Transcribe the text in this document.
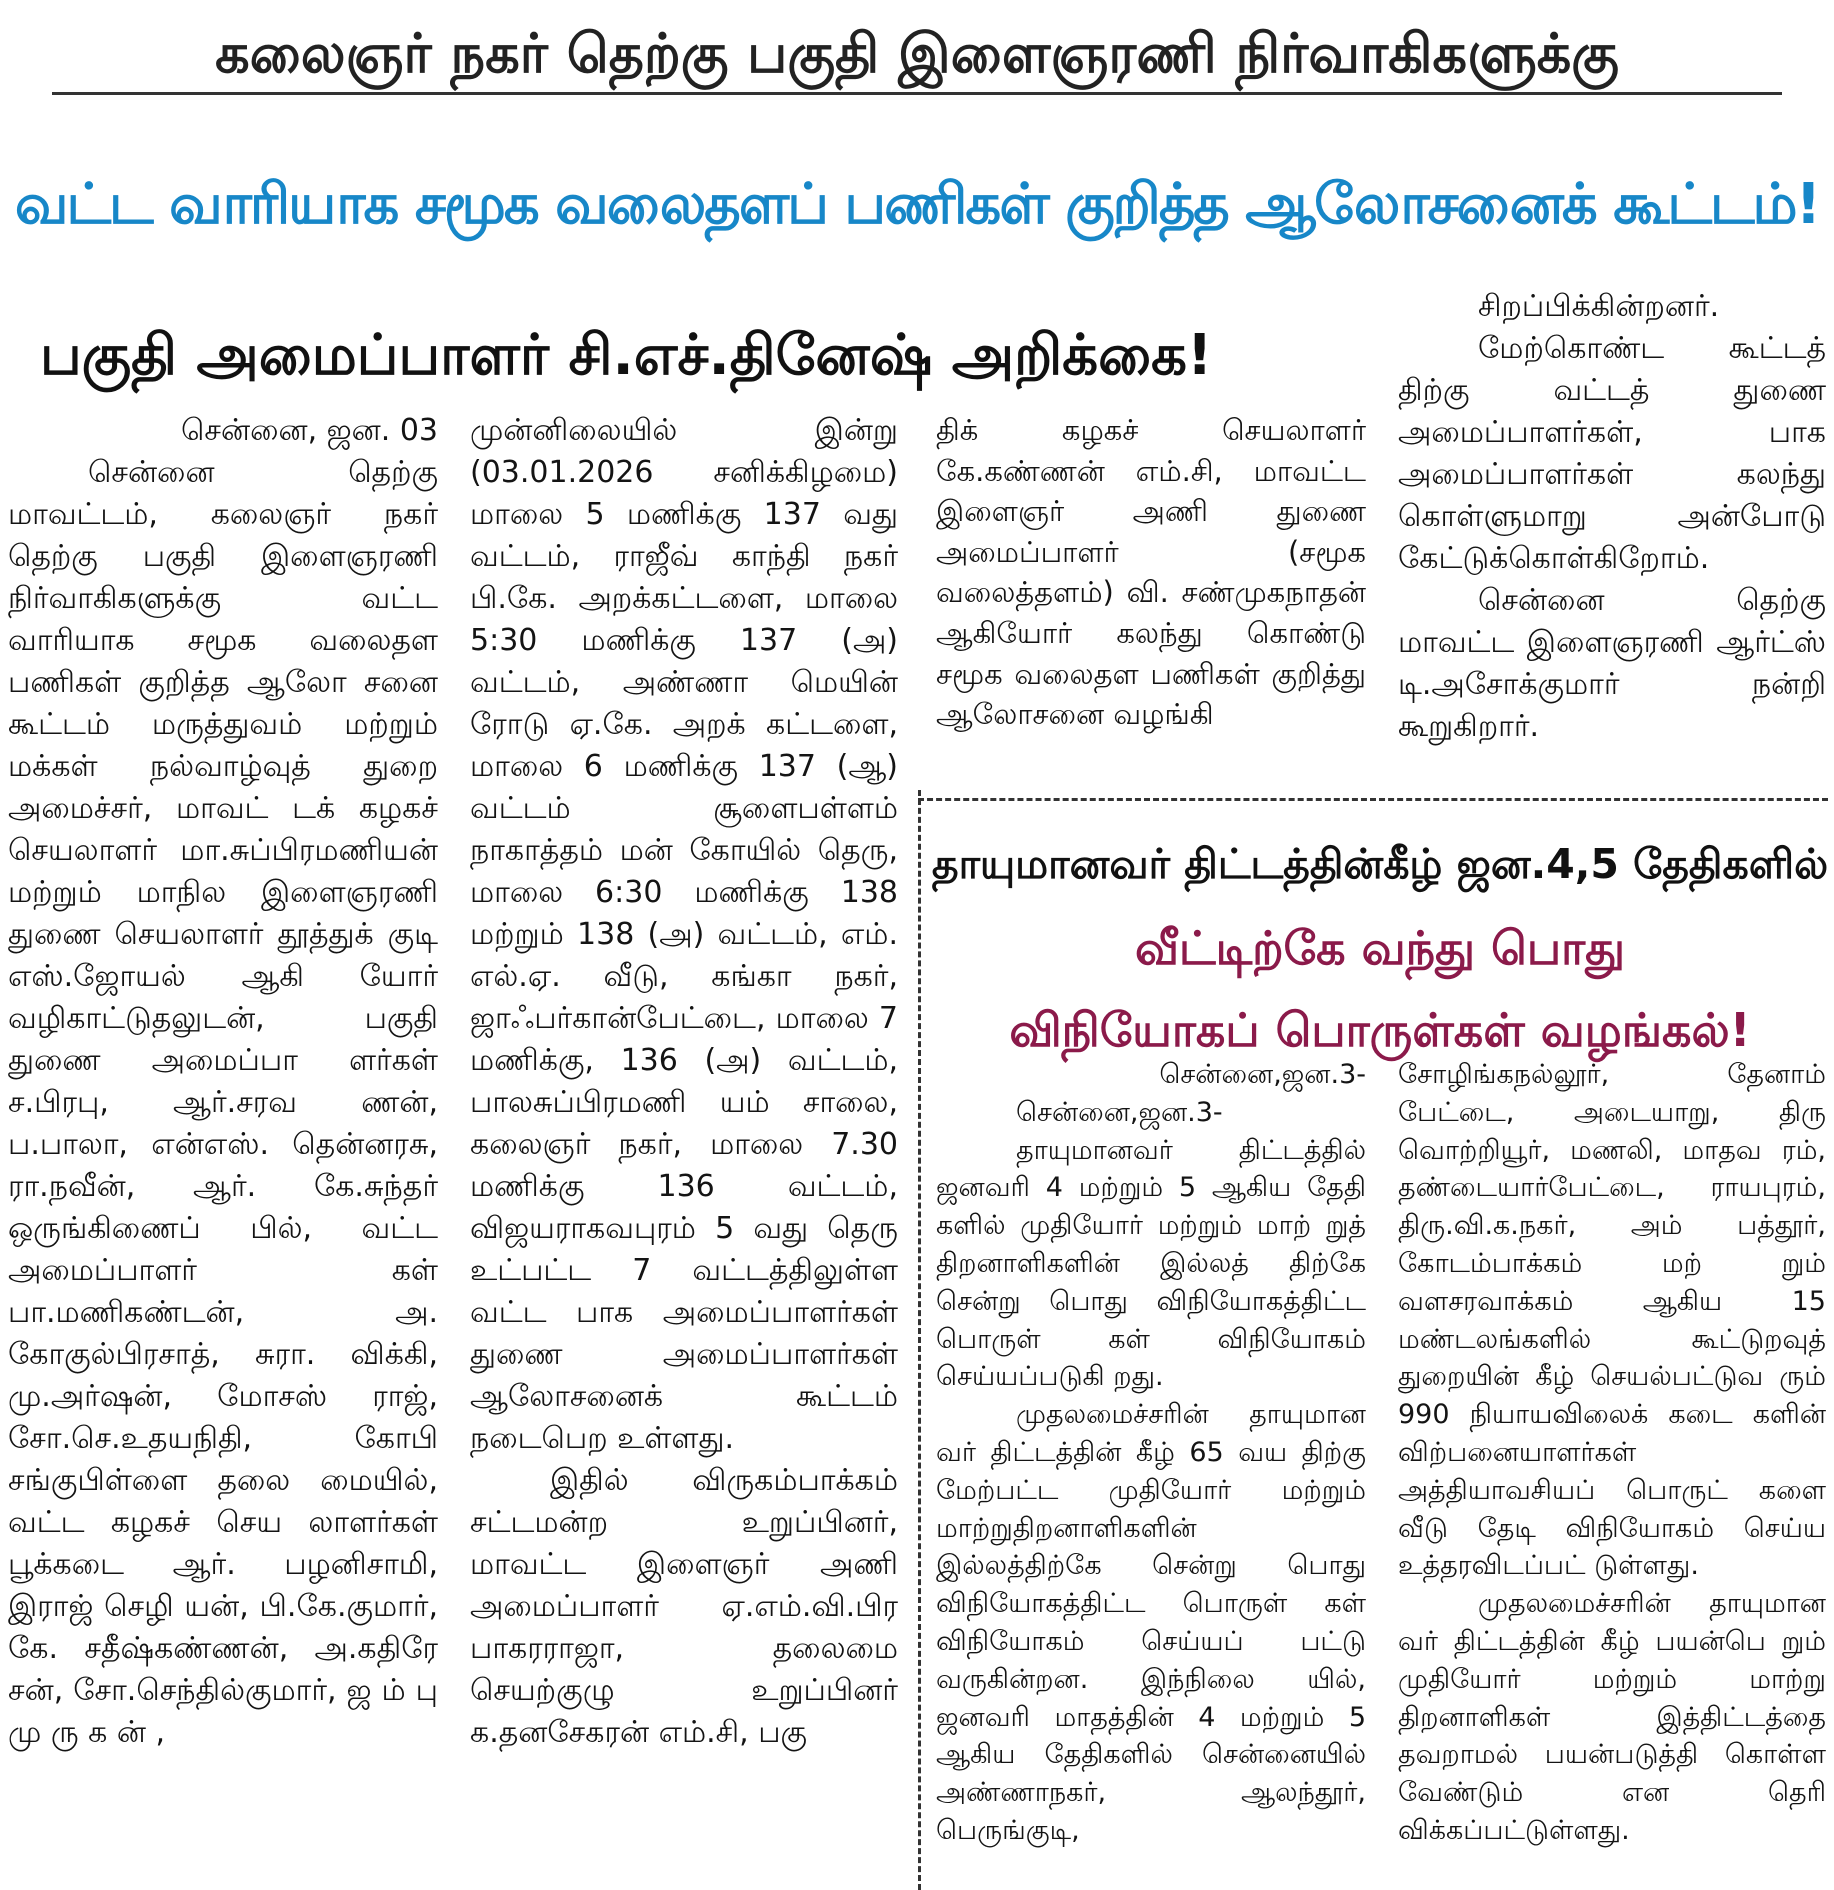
கலைஞர் நகர் தெற்கு பகுதி இளைஞரணி நிர்வாகிகளுக்கு
வட்ட வாரியாக சமூக வலைதளப் பணிகள் குறித்த ஆலோசனைக் கூட்டம்!
பகுதி அமைப்பாளர் சி.எச்.தினேஷ் அறிக்கை!

சென்னை, ஜன. 03

சென்னை தெற்கு மாவட்டம், கலைஞர் நகர் தெற்கு பகுதி இளைஞரணி நிர்வாகிகளுக்கு வட்ட வாரியாக சமூக வலைதள பணிகள் குறித்த ஆலோ சனை கூட்டம் மருத்துவம் மற்றும் மக்கள் நல்வாழ்வுத் துறை அமைச்சர், மாவட் டக் கழகச் செயலாளர் மா.சுப்பிரமணியன் மற்றும் மாநில இளைஞரணி துணை செயலாளர் தூத்துக் குடி எஸ்.ஜோயல் ஆகி யோர் வழிகாட்டுதலுடன், பகுதி துணை அமைப்பா ளர்கள் ச.பிரபு, ஆர்.சரவ ணன், ப.பாலா, என்எஸ். தென்னரசு, ரா.நவீன், ஆர். கே.சுந்தர் ஒருங்கிணைப் பில், வட்ட அமைப்பாளர் கள் பா.மணிகண்டன், அ. கோகுல்பிரசாத், சுரா. விக்கி, மு.அர்ஷன், மோசஸ் ராஜ், சோ.செ.உதயநிதி, கோபி சங்குபிள்ளை தலை மையில், வட்ட கழகச் செய லாளர்கள் பூக்கடை ஆர். பழனிசாமி, இராஜ் செழி யன், பி.கே.குமார், கே. சதீஷ்கண்ணன், அ.கதிரே சன், சோ.செந்தில்குமார், ஜ ம் பு மு ரு க ன் ,

முன்னிலையில் இன்று (03.01.2026 சனிக்கிழமை) மாலை 5 மணிக்கு 137 வது வட்டம், ராஜீவ் காந்தி நகர் பி.கே. அறக்கட்டளை, மாலை 5:30 மணிக்கு 137 (அ) வட்டம், அண்ணா மெயின் ரோடு ஏ.கே. அறக் கட்டளை, மாலை 6 மணிக்கு 137 (ஆ) வட்டம் சூளைபள்ளம் நாகாத்தம் மன் கோயில் தெரு, மாலை 6:30 மணிக்கு 138 மற்றும் 138 (அ) வட்டம், எம். எல்.ஏ. வீடு, கங்கா நகர், ஜாஃபர்கான்பேட்டை, மாலை 7 மணிக்கு, 136 (அ) வட்டம், பாலசுப்பிரமணி யம் சாலை, கலைஞர் நகர், மாலை 7.30 மணிக்கு 136 வட்டம், விஜயராகவபுரம் 5 வது தெரு உட்பட்ட 7 வட்டத்திலுள்ள வட்ட பாக அமைப்பாளர்கள் துணை அமைப்பாளர்கள் ஆலோசனைக் கூட்டம் நடைபெற உள்ளது.

இதில் விருகம்பாக்கம் சட்டமன்ற உறுப்பினர், மாவட்ட இளைஞர் அணி அமைப்பாளர் ஏ.எம்.வி.பிர பாகரராஜா, தலைமை செயற்குழு உறுப்பினர் க.தனசேகரன் எம்.சி, பகு

திக் கழகச் செயலாளர் கே.கண்ணன் எம்.சி, மாவட்ட இளைஞர் அணி துணை அமைப்பாளர் (சமூக வலைத்தளம்) வி. சண்முகநாதன் ஆகியோர் கலந்து கொண்டு சமூக வலைதள பணிகள் குறித்து ஆலோசனை வழங்கி

சிறப்பிக்கின்றனர்.

மேற்கொண்ட கூட்டத் திற்கு வட்டத் துணை அமைப்பாளர்கள், பாக அமைப்பாளர்கள் கலந்து கொள்ளுமாறு அன்போடு கேட்டுக்கொள்கிறோம்.

சென்னை தெற்கு மாவட்ட இளைஞரணி ஆர்ட்ஸ் டி.அசோக்குமார் நன்றி கூறுகிறார்.

தாயுமானவர் திட்டத்தின்கீழ் ஜன.4,5 தேதிகளில்
வீட்டிற்கே வந்து பொது
விநியோகப் பொருள்கள் வழங்கல்!

சென்னை,ஜன.3-

சென்னை,ஜன.3-

தாயுமானவர் திட்டத்தில் ஜனவரி 4 மற்றும் 5 ஆகிய தேதி களில் முதியோர் மற்றும் மாற் றுத் திறனாளிகளின் இல்லத் திற்கே சென்று பொது விநியோகத்திட்ட பொருள் கள் விநியோகம் செய்யப்படுகி றது.

முதலமைச்சரின் தாயுமான வர் திட்டத்தின் கீழ் 65 வய திற்கு மேற்பட்ட முதியோர் மற்றும் மாற்றுதிறனாளிகளின் இல்லத்திற்கே சென்று பொது விநியோகத்திட்ட பொருள் கள் விநியோகம் செய்யப் பட்டு வருகின்றன. இந்நிலை யில், ஜனவரி மாதத்தின் 4 மற்றும் 5 ஆகிய தேதிகளில் சென்னையில் அண்ணாநகர், ஆலந்தூர், பெருங்குடி,

சோழிங்கநல்லூர், தேனாம் பேட்டை, அடையாறு, திரு வொற்றியூர், மணலி, மாதவ ரம், தண்டையார்பேட்டை, ராயபுரம், திரு.வி.க.நகர், அம் பத்தூர், கோடம்பாக்கம் மற் றும் வளசரவாக்கம் ஆகிய 15 மண்டலங்களில் கூட்டுறவுத் துறையின் கீழ் செயல்பட்டுவ ரும் 990 நியாயவிலைக் கடை களின் விற்பனையாளர்கள் அத்தியாவசியப் பொருட் களை வீடு தேடி விநியோகம் செய்ய உத்தரவிடப்பட் டுள்ளது.

முதலமைச்சரின் தாயுமான வர் திட்டத்தின் கீழ் பயன்பெ றும் முதியோர் மற்றும் மாற்று திறனாளிகள் இத்திட்டத்தை தவறாமல் பயன்படுத்தி கொள்ள வேண்டும் என தெரி விக்கப்பட்டுள்ளது.
